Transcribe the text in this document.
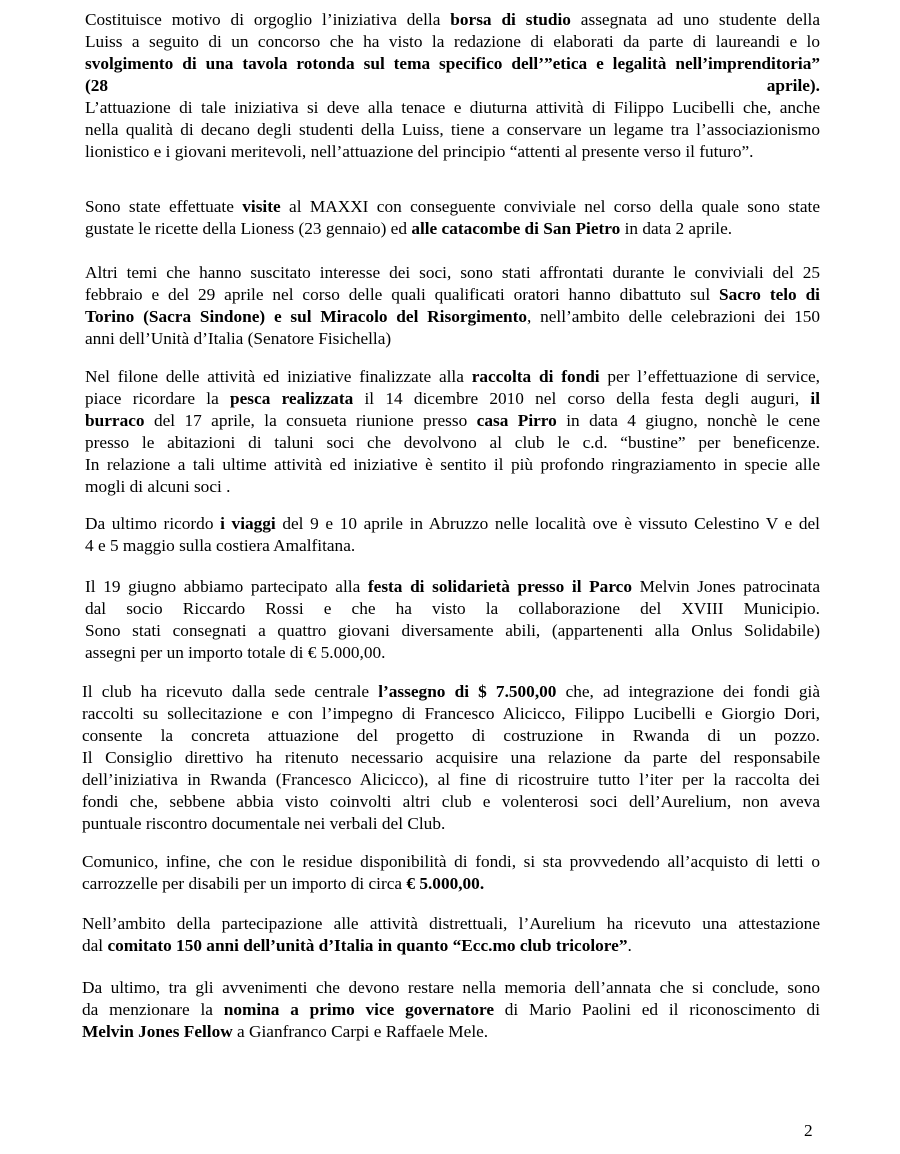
Costituisce motivo di orgoglio l’iniziativa della borsa di studio assegnata ad uno studente della
Luiss a seguito di un concorso che ha visto la redazione di elaborati da parte di laureandi e lo
svolgimento di una tavola rotonda sul tema specifico dell’”etica e legalità nell’imprenditoria”
(28 aprile).
L’attuazione di tale iniziativa si deve alla tenace e diuturna attività di Filippo Lucibelli che, anche
nella qualità di decano degli studenti della Luiss, tiene a conservare un legame tra l’associazionismo
lionistico e i giovani meritevoli, nell’attuazione del principio “attenti al presente verso il futuro”.
Sono state effettuate visite al MAXXI con conseguente conviviale nel corso della quale sono state
gustate le ricette della Lioness (23 gennaio) ed alle catacombe di San Pietro in data 2 aprile.
Altri temi che hanno suscitato interesse dei soci, sono stati affrontati durante le conviviali del 25
febbraio e del 29 aprile nel corso delle quali qualificati oratori hanno dibattuto sul Sacro telo di
Torino (Sacra Sindone) e sul Miracolo del Risorgimento, nell’ambito delle celebrazioni dei 150
anni dell’Unità d’Italia (Senatore Fisichella)
Nel filone delle attività ed iniziative finalizzate alla raccolta di fondi per l’effettuazione di service,
piace ricordare la pesca realizzata il 14 dicembre 2010 nel corso della festa degli auguri, il
burraco del 17 aprile, la consueta riunione presso casa Pirro in data 4 giugno, nonchè le cene
presso le abitazioni di taluni soci che devolvono al club le c.d. “bustine” per beneficenze.
In relazione a tali ultime attività ed iniziative è sentito il più profondo ringraziamento in specie alle
mogli di alcuni soci .
Da ultimo ricordo i viaggi del 9 e 10 aprile in Abruzzo nelle località ove è vissuto Celestino V e del
4 e 5 maggio sulla costiera Amalfitana.
Il 19 giugno abbiamo partecipato alla festa di solidarietà presso il Parco Melvin Jones patrocinata
dal socio Riccardo Rossi e che ha visto la collaborazione del XVIII Municipio.
Sono stati consegnati a quattro giovani diversamente abili, (appartenenti alla Onlus Solidabile)
assegni per un importo totale di € 5.000,00.
Il club ha ricevuto dalla sede centrale l’assegno di $ 7.500,00 che, ad integrazione dei fondi già
raccolti su sollecitazione e con l’impegno di Francesco Alicicco, Filippo Lucibelli e Giorgio Dori,
consente la concreta attuazione del progetto di costruzione in Rwanda di un pozzo.
Il Consiglio direttivo ha ritenuto necessario acquisire una relazione da parte del responsabile
dell’iniziativa in Rwanda (Francesco Alicicco), al fine di ricostruire tutto l’iter per la raccolta dei
fondi che, sebbene abbia visto coinvolti altri club e volenterosi soci dell’Aurelium, non aveva
puntuale riscontro documentale nei verbali del Club.
Comunico, infine, che con le residue disponibilità di fondi, si sta provvedendo all’acquisto di letti o
carrozzelle per disabili per un importo di circa € 5.000,00.
Nell’ambito della partecipazione alle attività distrettuali, l’Aurelium ha ricevuto una attestazione
dal comitato 150 anni dell’unità d’Italia in quanto “Ecc.mo club tricolore”.
Da ultimo, tra gli avvenimenti che devono restare nella memoria dell’annata che si conclude, sono
da menzionare la nomina a primo vice governatore di Mario Paolini ed il riconoscimento di
Melvin Jones Fellow a Gianfranco Carpi e Raffaele Mele.
2
